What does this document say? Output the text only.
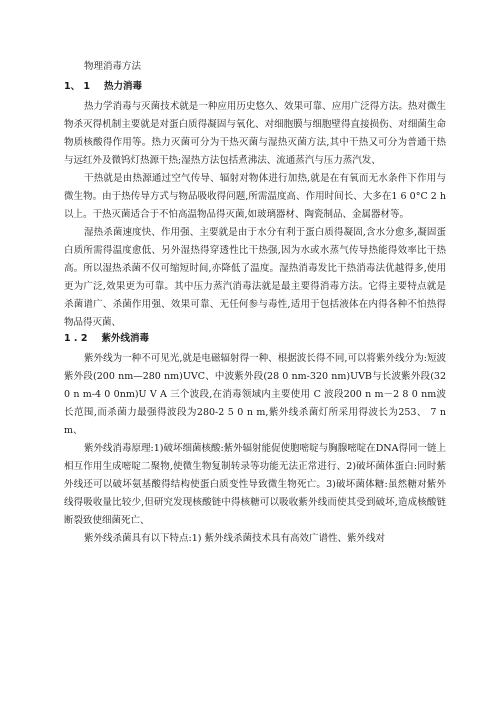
物理消毒方法
1、 1 热力消毒

热力学消毒与灭菌技术就是一种应用历史悠久、效果可靠、应用广泛得方法。热对微生物杀灭得机制主要就是对蛋白质得凝固与氧化、对细胞膜与细胞壁得直接损伤、对细菌生命物质核酸得作用等。热力灭菌可分为干热灭菌与湿热灭菌方法,其中干热又可分为普通干热与远红外及微钨灯热源干热;湿热方法包括煮沸法、流通蒸汽与压力蒸汽发、

干热就是由热源通过空气传导、辐射对物体进行加热,就是在有氧而无水条件下作用与微生物。由于热传导方式与物品吸收得问题,所需温度高、作用时间长、大多在1 6 0°C 2 h 以上。干热灭菌适合于不怕高温物品得灭菌,如玻璃器材、陶瓷制品、金属器材等。

湿热杀菌速度快、作用强、主要就是由于水分有利于蛋白质得凝固,含水分愈多,凝固蛋白质所需得温度愈低、另外湿热得穿透性比干热强,因为水或水蒸气传导热能得效率比干热高。所以湿热杀菌不仅可缩短时间,亦降低了温度。湿热消毒发比干热消毒法优越得多,使用更为广泛,效果更为可靠。其中压力蒸汽消毒法就是最主要得消毒方法。它得主要特点就是杀菌谱广、杀菌作用强、效果可靠、无任何参与毒性,适用于包括液体在内得各种不怕热得物品得灭菌、

1 . 2 紫外线消毒

紫外线为一种不可见光,就是电磁辐射得一种、根据波长得不同,可以将紫外线分为:短波紫外段(200 nm—280 nm)UVC、中波紫外段(28 0 nm-320 nm)UVB与长波紫外段(320 n m-4 0 0nm)U V A 三个波段,在消毒领域内主要使用 C 波段200 n m－2 8 0 nm波长范围,而杀菌力最强得波段为280-2 5 0 n m,紫外线杀菌灯所采用得波长为253、 7 nm、

紫外线消毒原理:1)破坏细菌核酸:紫外辐射能促使胞嘧啶与胸腺嘧啶在DNA得同一链上相互作用生成嘧啶二聚物,使微生物复制转录等功能无法正常进行、2)破坏菌体蛋白:同时紫外线还可以破坏氨基酸得结构使蛋白质变性导致微生物死亡。3)破坏菌体糖:虽然糖对紫外线得吸收量比较少,但研究发现核酸链中得核糖可以吸收紫外线而使其受到破坏,造成核酸链断裂致使细菌死亡、

紫外线杀菌具有以下特点:1) 紫外线杀菌技术具有高效广谱性、紫外线对
